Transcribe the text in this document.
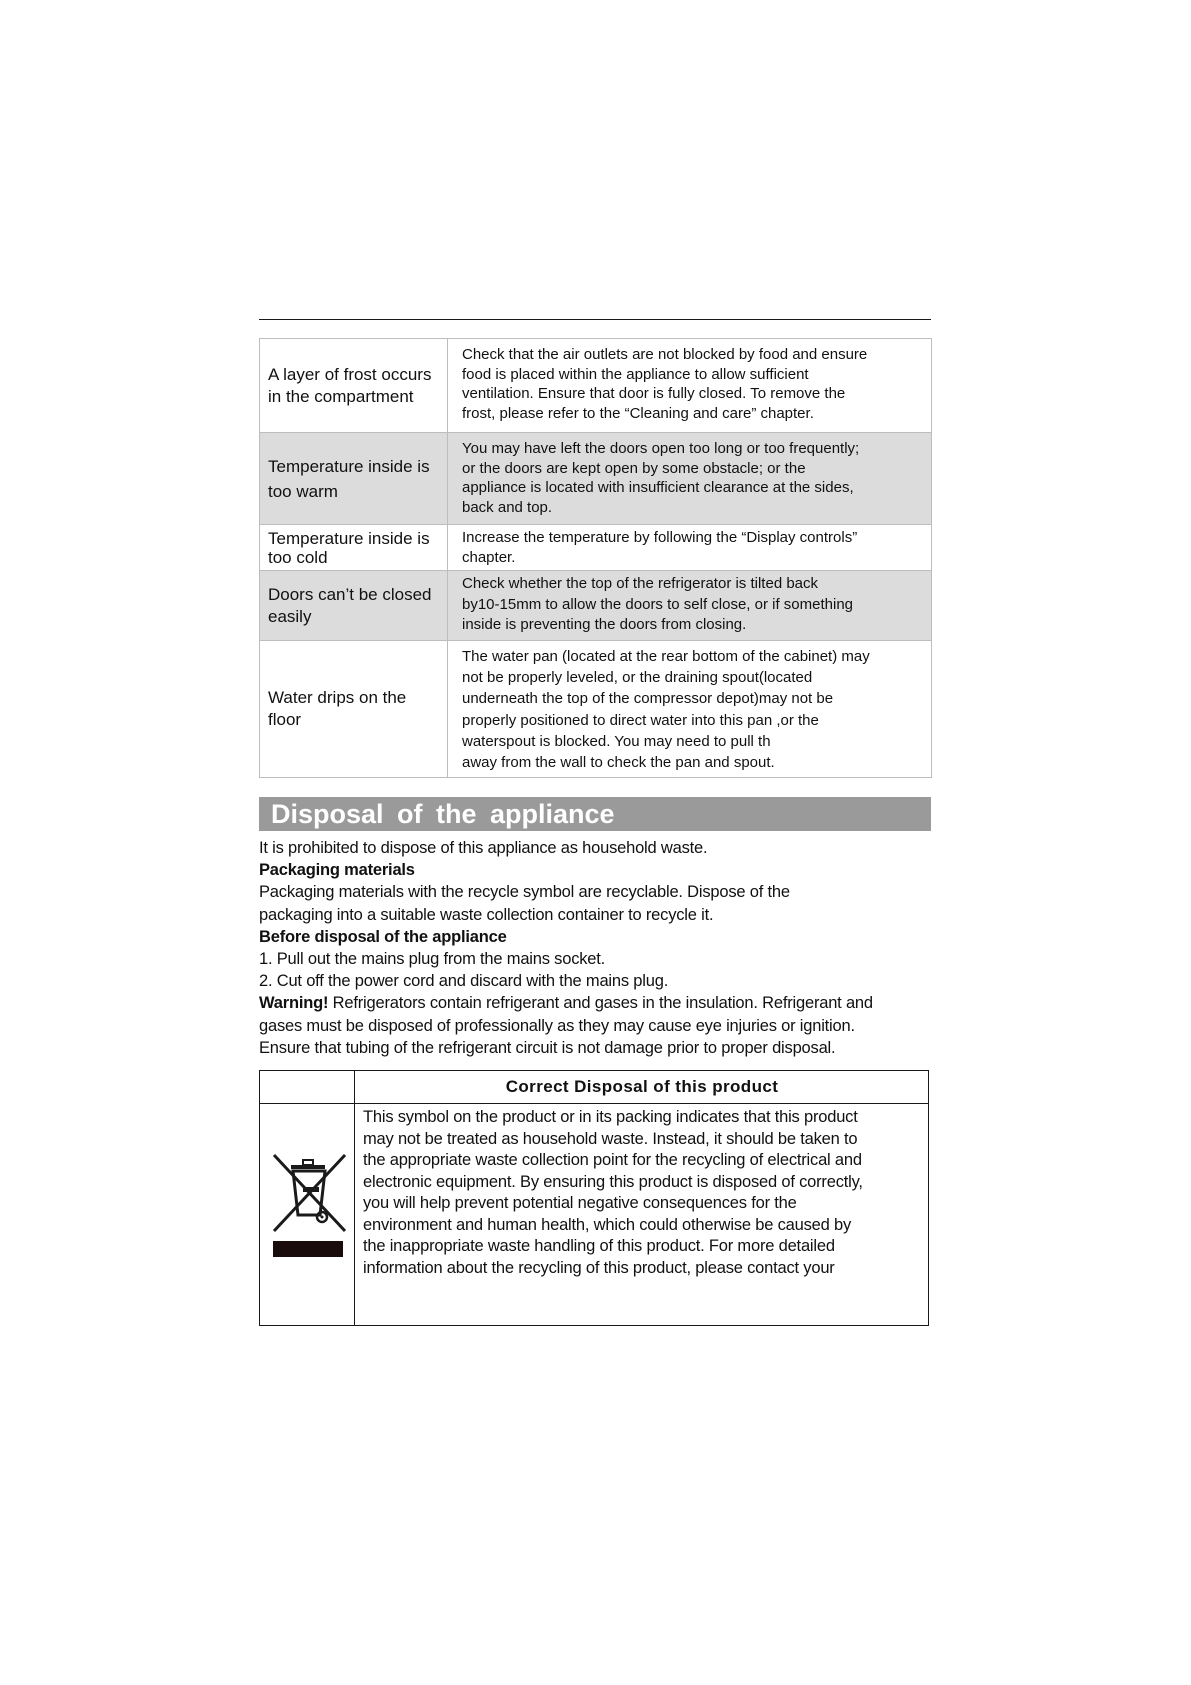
A layer of frost occurs
in the compartment
Check that the air outlets are not blocked by food and ensure
food is placed within the appliance to allow sufficient
ventilation. Ensure that door is fully closed. To remove the
frost, please refer to the “Cleaning and care” chapter.
Temperature inside is
too warm
You may have left the doors open too long or too frequently;
or the doors are kept open by some obstacle; or the
appliance is located with insufficient clearance at the sides,
back and top.
Temperature inside is
too cold
Increase the temperature by following the “Display controls”
chapter.
Doors can’t be closed
easily
Check whether the top of the refrigerator is tilted back
by10-15mm to allow the doors to self close, or if something
inside is preventing the doors from closing.
Water drips on the
floor
The water pan (located at the rear bottom of the cabinet) may
not be properly leveled, or the draining spout(located
underneath the top of the compressor depot)may not be
properly positioned to direct water into this pan ,or the
waterspout is blocked. You may need to pull th
away from the wall to check the pan and spout.
Disposal of the appliance

It is prohibited to dispose of this appliance as household waste.

Packaging materials

Packaging materials with the recycle symbol are recyclable. Dispose of the

packaging into a suitable waste collection container to recycle it.

Before disposal of the appliance

1. Pull out the mains plug from the mains socket.

2. Cut off the power cord and discard with the mains plug.

Warning! Refrigerators contain refrigerant and gases in the insulation. Refrigerant and

gases must be disposed of professionally as they may cause eye injuries or ignition.

Ensure that tubing of the refrigerant circuit is not damage prior to proper disposal.

Correct Disposal of this product
This symbol on the product or in its packing indicates that this product
may not be treated as household waste. Instead, it should be taken to
the appropriate waste collection point for the recycling of electrical and
electronic equipment. By ensuring this product is disposed of correctly,
you will help prevent potential negative consequences for the
environment and human health, which could otherwise be caused by
the inappropriate waste handling of this product. For more detailed
information about the recycling of this product, please contact your
